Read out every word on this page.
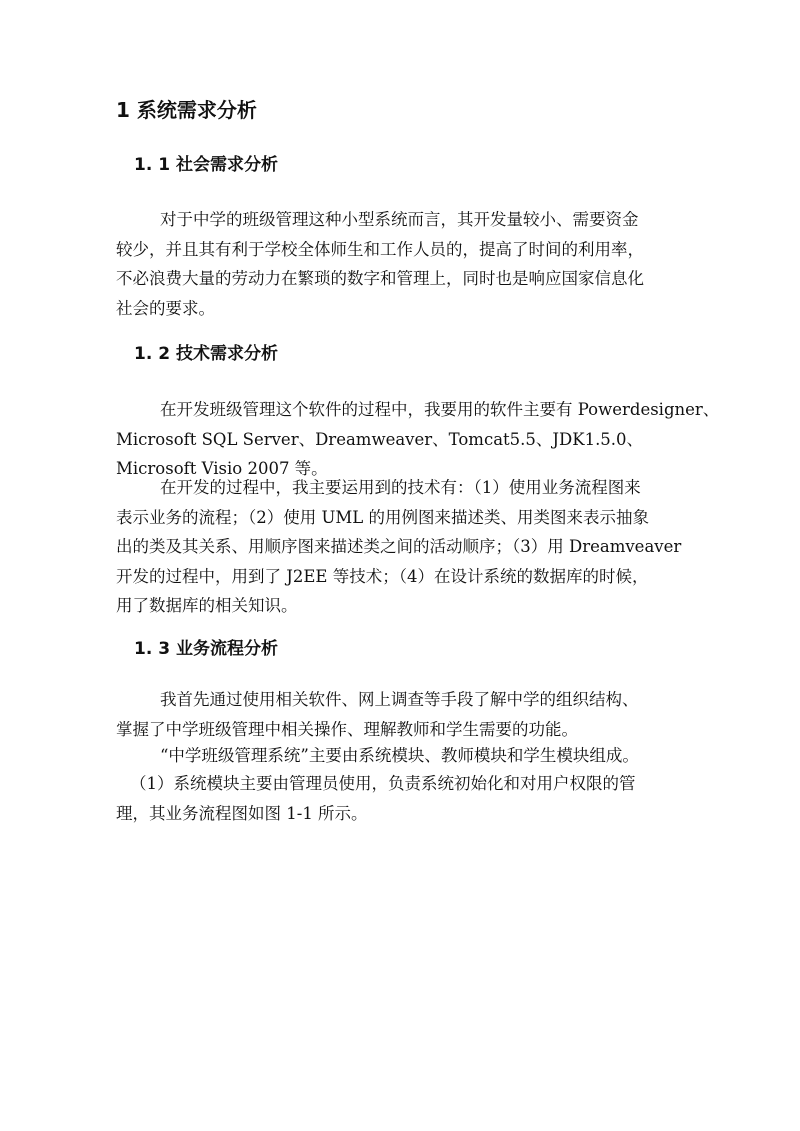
1 系统需求分析
1. 1 社会需求分析
对于中学的班级管理这种小型系统而言，其开发量较小、需要资金
较少，并且其有利于学校全体师生和工作人员的，提高了时间的利用率，
不必浪费大量的劳动力在繁琐的数字和管理上，同时也是响应国家信息化
社会的要求。
1. 2 技术需求分析
在开发班级管理这个软件的过程中，我要用的软件主要有 Powerdesigner、
Microsoft SQL Server、Dreamweaver、Tomcat5.5、JDK1.5.0、
Microsoft Visio 2007 等。
在开发的过程中，我主要运用到的技术有：（1）使用业务流程图来
表示业务的流程；（2）使用 UML 的用例图来描述类、用类图来表示抽象
出的类及其关系、用顺序图来描述类之间的活动顺序；（3）用 Dreamveaver
开发的过程中，用到了 J2EE 等技术；（4）在设计系统的数据库的时候，
用了数据库的相关知识。
1. 3 业务流程分析
我首先通过使用相关软件、网上调查等手段了解中学的组织结构、
掌握了中学班级管理中相关操作、理解教师和学生需要的功能。
“中学班级管理系统”主要由系统模块、教师模块和学生模块组成。
（1）系统模块主要由管理员使用，负责系统初始化和对用户权限的管
理，其业务流程图如图 1-1 所示。
